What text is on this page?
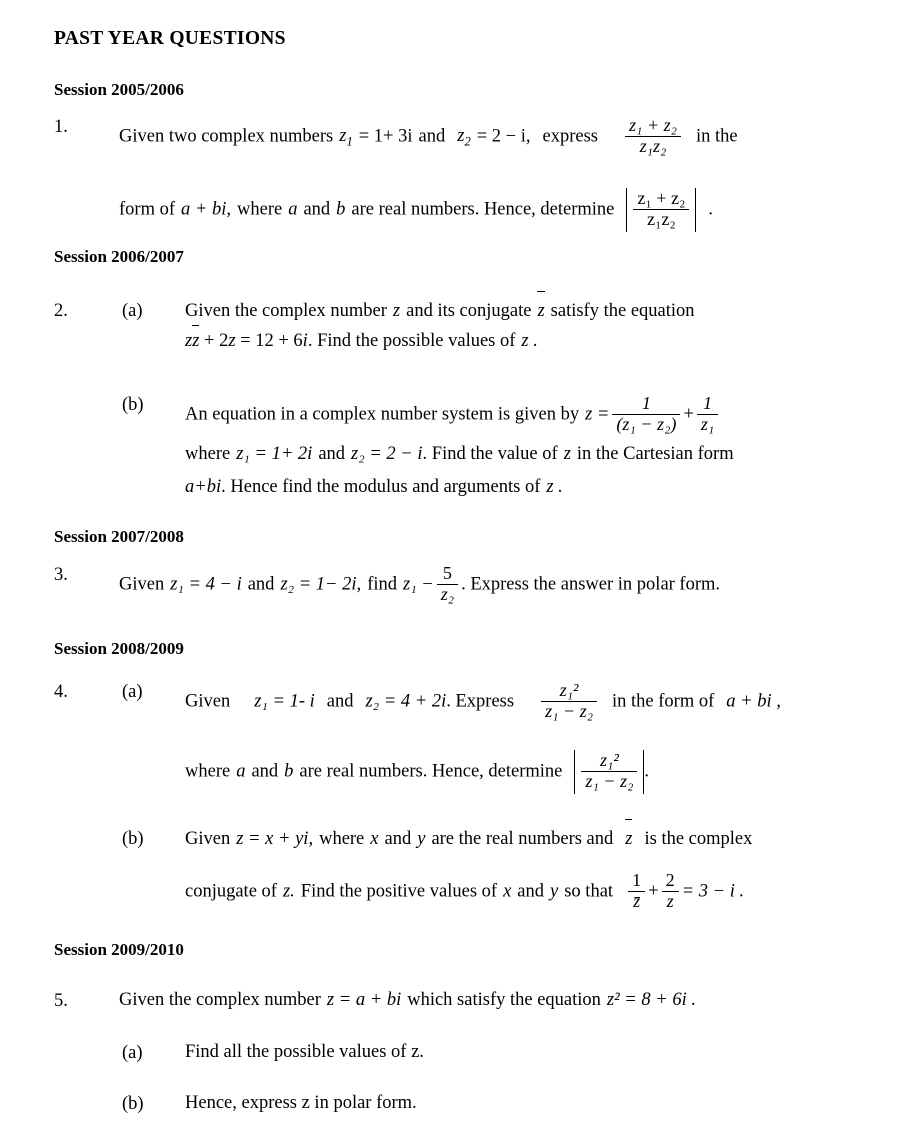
PAST YEAR QUESTIONS
Session 2005/2006
1.	Given two complex numbers $z_1 = 1+ 3i$ and $z_2 = 2 - i$, express $\frac{\text{z₁ + z₂}}{\text{z₁z₂}}$ in the
form of a + bi, where a and b are real numbers. Hence, determine $\frac{\text{z₁ + z₂}}{\text{z₁z₂}}$ .
Session 2006/2007
2.	(a) Given the complex number z and its conjugate z satisfy the equation
zz + 2z = 12 + 6i. Find the possible values of z .
(b) An equation in a complex number system is given by $z = \frac{1}{\text{(z₁ − z₂)}} + \frac{1}{\text{z₁}}$
where z₁ = 1+ 2i and z₂ = 2 − i. Find the value of z in the Cartesian form
a+bi. Hence find the modulus and arguments of z .
Session 2007/2008
3.	Given z₁ = 4 − i and z₂ = 1− 2i, find $z_1 - \frac{5}{\text{z₂}}$ . Express the answer in polar form.
Session 2008/2009
4.	(a) Given z₁ = 1- i and z₂ = 4 + 2i. Express $\frac{\text{z₁²}}{\text{z₁ − z₂}}$ in the form of a + bi ,
where a and b are real numbers. Hence, determine $\frac{\text{z₁²}}{\text{z₁ − z₂}}$ .
(b) Given z = x + yi, where x and y are the real numbers and z is the complex
conjugate of z. Find the positive values of x and y so that $\frac{1}{z̄} + \frac{2}{z} = 3 - i$ .
Session 2009/2010
5.	Given the complex number z = a + bi which satisfy the equation z² = 8 + 6i .
(a) Find all the possible values of z.
(b) Hence, express z in polar form.
